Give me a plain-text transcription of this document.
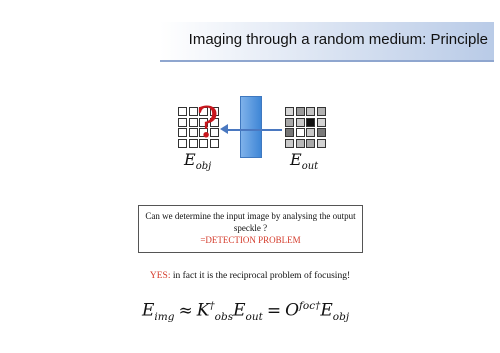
Imaging through a random medium: Principle
?
$E_{obj}$	$E_{out}$
Can we determine the input image by analysing the output speckle ?
=DETECTION PROBLEM
YES: in fact it is the reciprocal problem of focusing!
$E_{img} \approx K^\dagger_{obs}E_{out} = O^{foc\dagger}E_{obj}$
